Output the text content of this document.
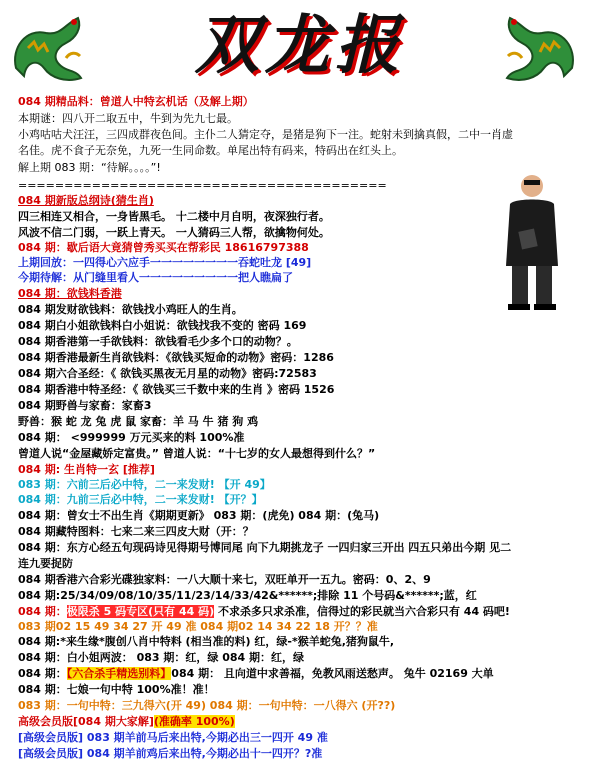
双龙报
084 期精品料：曾道人中特玄机话（及解上期）
本期谜：四八开二取五中，牛到为先九七最。
小鸡咕咕犬汪汪，三四成群夜色间。主仆二人猜定夺，是猪是狗下一注。蛇射未到擒真假，二中一肖虚
名佳。虎不食子无奈免，九死一生同命数。单尾出特有码来，特码出在红头上。
解上期 083 期：“待解。。。。”!
========================================
084 期新版总纲诗(猜生肖)
四三相连又相合，一身皆黑毛。 十二楼中月自明，夜深独行者。
风波不信二门弱，一跃上青天。 一人猜码三人帮，欲擒物何处。
084 期：歇后语大竟猜曾秀买买在帮彩民 18616797388
上期回放：一四得心六应手一一一一一一一一吞蛇吐龙 [49]
今期待解：从门缝里看人一一一一一一一一一把人瞧扁了
084 期：欲钱料香港
084 期发财欲钱料：欲钱找小鸡旺人的生肖。
084 期白小姐欲钱料白小姐说：欲钱找我不变的 密码 169
084 期香港第一手欲钱料：欲钱看毛少多个口的动物？。
084 期香港最新生肖欲钱料：《欲钱买短命的动物》密码：1286
084 期六合圣经：《 欲钱买黑夜无月星的动物》密码:72583
084 期香港中特圣经：《 欲钱买三千数中来的生肖 》密码 1526
084 期野兽与家畜：家畜3
野兽：猴 蛇 龙 兔 虎 鼠 家畜：羊 马 牛 猪 狗 鸡
084 期： <999999 万元买来的料 100%准
曾道人说“金屋藏娇定富贵。” 曾道人说：“十七岁的女人最想得到什么？”
084 期: 生肖特一玄 [推荐]
083 期：六前三后必中特，二一来发财! 【开 49】
084 期：九前三后必中特，二一来发财! 【开？】
084 期：曾女士不出生肖《期期更新》 083 期：(虎免) 084 期：(兔马)
084 期藏特图料：七来二来三四皮大财（开：？
084 期：东方心经五句现码诗见得期号博同尾 向下九期挑龙子 一四归家三开出 四五只弟出今期 见二
连九要捉防
084 期香港六合彩光碟独家料：一八大顺十来七，双旺单开一五九。密码：0、2、9
084 期:25/34/09/08/10/35/11/23/14/33/42&******;排除 11 个号码&******;蓝，红
084 期：极限杀 5 码专区(只有 44 码) 不求杀多只求杀准，信得过的彩民就当六合彩只有 44 码吧!
083 期02 15 49 34 27 开 49 准 084 期02 14 34 22 18 开？？准
084 期:*来生缘*腹创八肖中特料 (相当准的料) 红，绿-*猴羊蛇兔,猪狗鼠牛,
084 期：白小姐两波： 083 期：红，绿 084 期：红，绿
084 期：【六合杀手精选别料】084 期： 且向道中求善福，免教风雨送愁声。 兔牛 02169 大单
084 期：七娘一句中特 100%准！准！
083 期：一句中特：三九得六(开 49) 084 期：一句中特：一八得六 (开??)
高级会员版[084 期大家解](准确率 100%)
[高级会员版] 083 期羊前马后来出特,今期必出三一四开 49 准
[高级会员版] 084 期羊前鸡后来出特,今期必出十一四开？?准
